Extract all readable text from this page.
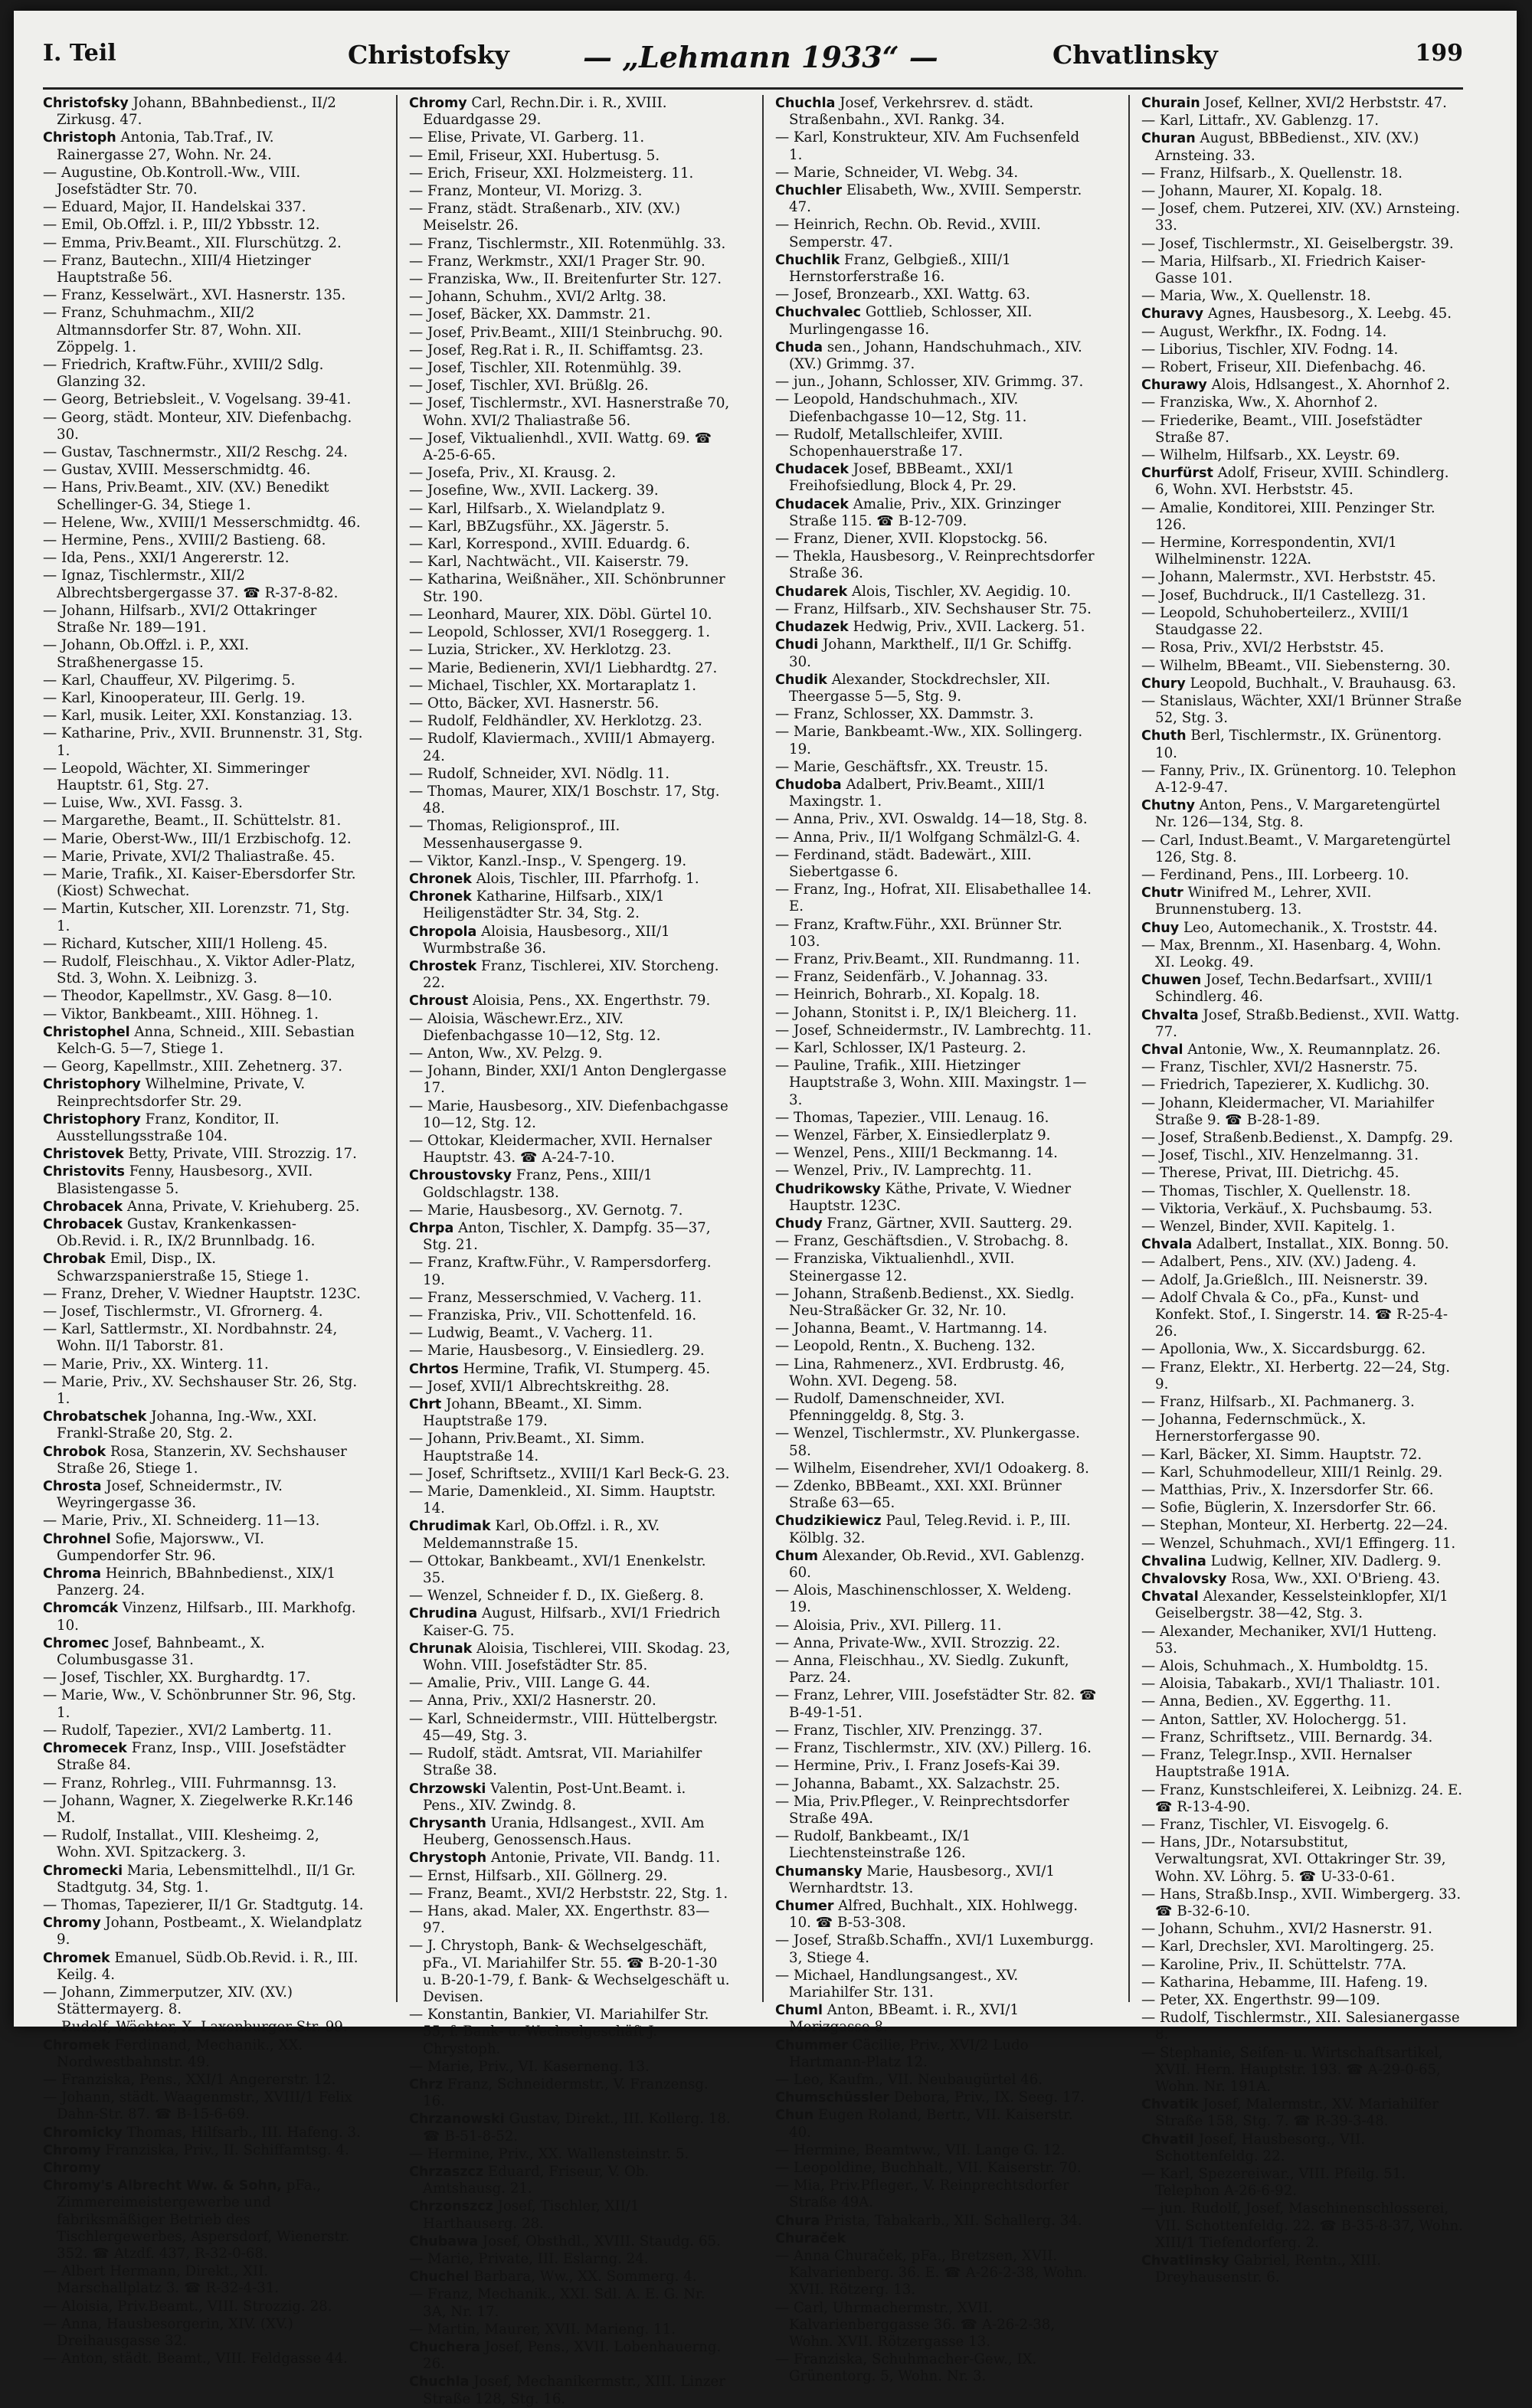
I. Teil	Christofsky	— „Lehmann 1933“ —	Chvatlinsky	199
Christofsky Johann, BBahnbedienst., II/2 Zirkusg. 47.
Christoph Antonia, Tab.Traf., IV. Rainergasse 27, Wohn. Nr. 24.
— Augustine, Ob.Kontroll.-Ww., VIII. Josefstädter Str. 70.
— Eduard, Major, II. Handelskai 337.
— Emil, Ob.Offzl. i. P., III/2 Ybbsstr. 12.
— Emma, Priv.Beamt., XII. Flurschützg. 2.
— Franz, Bautechn., XIII/4 Hietzinger Hauptstraße 56.
— Franz, Kesselwärt., XVI. Hasnerstr. 135.
— Franz, Schuhmachm., XII/2 Altmannsdorfer Str. 87, Wohn. XII. Zöppelg. 1.
— Friedrich, Kraftw.Führ., XVIII/2 Sdlg. Glanzing 32.
— Georg, Betriebsleit., V. Vogelsang. 39-41.
— Georg, städt. Monteur, XIV. Diefenbachg. 30.
— Gustav, Taschnermstr., XII/2 Reschg. 24.
— Gustav, XVIII. Messerschmidtg. 46.
— Hans, Priv.Beamt., XIV. (XV.) Benedikt Schellinger-G. 34, Stiege 1.
— Helene, Ww., XVIII/1 Messerschmidtg. 46.
— Hermine, Pens., XVIII/2 Bastieng. 68.
— Ida, Pens., XXI/1 Angererstr. 12.
— Ignaz, Tischlermstr., XII/2 Albrechtsbergergasse 37. ☎ R-37-8-82.
— Johann, Hilfsarb., XVI/2 Ottakringer Straße Nr. 189—191.
— Johann, Ob.Offzl. i. P., XXI. Straßhenergasse 15.
— Karl, Chauffeur, XV. Pilgerimg. 5.
— Karl, Kinooperateur, III. Gerlg. 19.
— Karl, musik. Leiter, XXI. Konstanziag. 13.
— Katharine, Priv., XVII. Brunnenstr. 31, Stg. 1.
— Leopold, Wächter, XI. Simmeringer Hauptstr. 61, Stg. 27.
— Luise, Ww., XVI. Fassg. 3.
— Margarethe, Beamt., II. Schüttelstr. 81.
— Marie, Oberst-Ww., III/1 Erzbischofg. 12.
— Marie, Private, XVI/2 Thaliastraße. 45.
— Marie, Trafik., XI. Kaiser-Ebersdorfer Str. (Kiost) Schwechat.
— Martin, Kutscher, XII. Lorenzstr. 71, Stg. 1.
— Richard, Kutscher, XIII/1 Holleng. 45.
— Rudolf, Fleischhau., X. Viktor Adler-Platz, Std. 3, Wohn. X. Leibnizg. 3.
— Theodor, Kapellmstr., XV. Gasg. 8—10.
— Viktor, Bankbeamt., XIII. Höhneg. 1.
Christophel Anna, Schneid., XIII. Sebastian Kelch-G. 5—7, Stiege 1.
— Georg, Kapellmstr., XIII. Zehetnerg. 37.
Christophory Wilhelmine, Private, V. Reinprechtsdorfer Str. 29.
Christophory Franz, Konditor, II. Ausstellungsstraße 104.
Christovek Betty, Private, VIII. Strozzig. 17.
Christovits Fenny, Hausbesorg., XVII. Blasistengasse 5.
Chrobacek Anna, Private, V. Kriehuberg. 25.
Chrobacek Gustav, Krankenkassen-Ob.Revid. i. R., IX/2 Brunnlbadg. 16.
Chrobak Emil, Disp., IX. Schwarzspanierstraße 15, Stiege 1.
— Franz, Dreher, V. Wiedner Hauptstr. 123C.
— Josef, Tischlermstr., VI. Gfrornerg. 4.
— Karl, Sattlermstr., XI. Nordbahnstr. 24, Wohn. II/1 Taborstr. 81.
— Marie, Priv., XX. Winterg. 11.
— Marie, Priv., XV. Sechshauser Str. 26, Stg. 1.
Chrobatschek Johanna, Ing.-Ww., XXI. Frankl-Straße 20, Stg. 2.
Chrobok Rosa, Stanzerin, XV. Sechshauser Straße 26, Stiege 1.
Chrosta Josef, Schneidermstr., IV. Weyringergasse 36.
— Marie, Priv., XI. Schneiderg. 11—13.
Chrohnel Sofie, Majorsww., VI. Gumpendorfer Str. 96.
Chroma Heinrich, BBahnbedienst., XIX/1 Panzerg. 24.
Chromcák Vinzenz, Hilfsarb., III. Markhofg. 10.
Chromec Josef, Bahnbeamt., X. Columbusgasse 31.
— Josef, Tischler, XX. Burghardtg. 17.
— Marie, Ww., V. Schönbrunner Str. 96, Stg. 1.
— Rudolf, Tapezier., XVI/2 Lambertg. 11.
Chromecek Franz, Insp., VIII. Josefstädter Straße 84.
— Franz, Rohrleg., VIII. Fuhrmannsg. 13.
— Johann, Wagner, X. Ziegelwerke R.Kr.146 M.
— Rudolf, Installat., VIII. Klesheimg. 2, Wohn. XVI. Spitzackerg. 3.
Chromecki Maria, Lebensmittelhdl., II/1 Gr. Stadtgutg. 34, Stg. 1.
— Thomas, Tapezierer, II/1 Gr. Stadtgutg. 14.
Chromy Johann, Postbeamt., X. Wielandplatz 9.
Chromek Emanuel, Südb.Ob.Revid. i. R., III. Keilg. 4.
— Johann, Zimmerputzer, XIV. (XV.) Stättermayerg. 8.
— Rudolf, Wächter, X. Laxenburger Str. 99.
Chromek Ferdinand, Mechanik., XX. Nordwestbahnstr. 49.
— Franziska, Pens., XXI/1 Angererstr. 12.
— Johann, städt. Waagenmstr., XVIII/1 Felix Dahn-Str. 87. ☎ B-15-6-69.
Chromicky Thomas, Hilfsarb., III. Hafeng. 3.
Chromy Franziska, Priv., II. Schiffamtsg. 4.
Chromy
Chromy's Albrecht Ww. & Sohn, pFa., Zimmereimeistergewerbe und fabriksmäßiger Betrieb des Tischlergewerbes, Aspersdorf, Wienerstr. 352. ☎ Atzdf. 437, R-32-0-68.
— Albert Hermann, Direkt., XII. Marschallplatz 3. ☎ R-32-4-31.
— Aloisia, Priv.Beamt., VIII. Strozzig. 28.
— Anna, Hausbesorgerin, XIV. (XV.) Dreihausgasse 32.
— Anton, städt. Beamt., VIII. Feldgasse 44.
Chromy Carl, Rechn.Dir. i. R., XVIII. Eduardgasse 29.
— Elise, Private, VI. Garberg. 11.
— Emil, Friseur, XXI. Hubertusg. 5.
— Erich, Friseur, XXI. Holzmeisterg. 11.
— Franz, Monteur, VI. Morizg. 3.
— Franz, städt. Straßenarb., XIV. (XV.) Meiselstr. 26.
— Franz, Tischlermstr., XII. Rotenmühlg. 33.
— Franz, Werkmstr., XXI/1 Prager Str. 90.
— Franziska, Ww., II. Breitenfurter Str. 127.
— Johann, Schuhm., XVI/2 Arltg. 38.
— Josef, Bäcker, XX. Dammstr. 21.
— Josef, Priv.Beamt., XIII/1 Steinbruchg. 90.
— Josef, Reg.Rat i. R., II. Schiffamtsg. 23.
— Josef, Tischler, XII. Rotenmühlg. 39.
— Josef, Tischler, XVI. Brüßlg. 26.
— Josef, Tischlermstr., XVI. Hasnerstraße 70, Wohn. XVI/2 Thaliastraße 56.
— Josef, Viktualienhdl., XVII. Wattg. 69. ☎ A-25-6-65.
— Josefa, Priv., XI. Krausg. 2.
— Josefine, Ww., XVII. Lackerg. 39.
— Karl, Hilfsarb., X. Wielandplatz 9.
— Karl, BBZugsführ., XX. Jägerstr. 5.
— Karl, Korrespond., XVIII. Eduardg. 6.
— Karl, Nachtwächt., VII. Kaiserstr. 79.
— Katharina, Weißnäher., XII. Schönbrunner Str. 190.
— Leonhard, Maurer, XIX. Döbl. Gürtel 10.
— Leopold, Schlosser, XVI/1 Roseggerg. 1.
— Luzia, Stricker., XV. Herklotzg. 23.
— Marie, Bedienerin, XVI/1 Liebhardtg. 27.
— Michael, Tischler, XX. Mortaraplatz 1.
— Otto, Bäcker, XVI. Hasnerstr. 56.
— Rudolf, Feldhändler, XV. Herklotzg. 23.
— Rudolf, Klaviermach., XVIII/1 Abmayerg. 24.
— Rudolf, Schneider, XVI. Nödlg. 11.
— Thomas, Maurer, XIX/1 Boschstr. 17, Stg. 48.
— Thomas, Religionsprof., III. Messenhausergasse 9.
— Viktor, Kanzl.-Insp., V. Spengerg. 19.
Chronek Alois, Tischler, III. Pfarrhofg. 1.
Chronek Katharine, Hilfsarb., XIX/1 Heiligenstädter Str. 34, Stg. 2.
Chropola Aloisia, Hausbesorg., XII/1 Wurmbstraße 36.
Chrostek Franz, Tischlerei, XIV. Storcheng. 22.
Chroust Aloisia, Pens., XX. Engerthstr. 79.
— Aloisia, Wäschewr.Erz., XIV. Diefenbachgasse 10—12, Stg. 12.
— Anton, Ww., XV. Pelzg. 9.
— Johann, Binder, XXI/1 Anton Denglergasse 17.
— Marie, Hausbesorg., XIV. Diefenbachgasse 10—12, Stg. 12.
— Ottokar, Kleidermacher, XVII. Hernalser Hauptstr. 43. ☎ A-24-7-10.
Chroustovsky Franz, Pens., XIII/1 Goldschlagstr. 138.
— Marie, Hausbesorg., XV. Gernotg. 7.
Chrpa Anton, Tischler, X. Dampfg. 35—37, Stg. 21.
— Franz, Kraftw.Führ., V. Rampersdorferg. 19.
— Franz, Messerschmied, V. Vacherg. 11.
— Franziska, Priv., VII. Schottenfeld. 16.
— Ludwig, Beamt., V. Vacherg. 11.
— Marie, Hausbesorg., V. Einsiedlerg. 29.
Chrtos Hermine, Trafik, VI. Stumperg. 45.
— Josef, XVII/1 Albrechtskreithg. 28.
Chrt Johann, BBeamt., XI. Simm. Hauptstraße 179.
— Johann, Priv.Beamt., XI. Simm. Hauptstraße 14.
— Josef, Schriftsetz., XVIII/1 Karl Beck-G. 23.
— Marie, Damenkleid., XI. Simm. Hauptstr. 14.
Chrudimak Karl, Ob.Offzl. i. R., XV. Meldemannstraße 15.
— Ottokar, Bankbeamt., XVI/1 Enenkelstr. 35.
— Wenzel, Schneider f. D., IX. Gießerg. 8.
Chrudina August, Hilfsarb., XVI/1 Friedrich Kaiser-G. 75.
Chrunak Aloisia, Tischlerei, VIII. Skodag. 23, Wohn. VIII. Josefstädter Str. 85.
— Amalie, Priv., VIII. Lange G. 44.
— Anna, Priv., XXI/2 Hasnerstr. 20.
— Karl, Schneidermstr., VIII. Hüttelbergstr. 45—49, Stg. 3.
— Rudolf, städt. Amtsrat, VII. Mariahilfer Straße 38.
Chrzowski Valentin, Post-Unt.Beamt. i. Pens., XIV. Zwindg. 8.
Chrysanth Urania, Hdlsangest., XVII. Am Heuberg, Genossensch.Haus.
Chrystoph Antonie, Private, VII. Bandg. 11.
— Ernst, Hilfsarb., XII. Göllnerg. 29.
— Franz, Beamt., XVI/2 Herbststr. 22, Stg. 1.
— Hans, akad. Maler, XX. Engerthstr. 83—97.
— J. Chrystoph, Bank- & Wechselgeschäft, pFa., VI. Mariahilfer Str. 55. ☎ B-20-1-30 u. B-20-1-79, f. Bank- & Wechselgeschäft u. Devisen.
— Konstantin, Bankier, VI. Mariahilfer Str. 55, f. Bank- u. Wechselgeschäft J. Chrystoph.
— Marie, Priv., VI. Kaserneng. 13.
Chrz Franz, Schneidermstr., V. Franzensg. 16.
Chrzanowski Gustav, Direkt., III. Kollerg. 18. ☎ B-51-8-52.
— Hermine, Priv., XX. Wallensteinstr. 5.
Chrzaszcz Eduard, Friseur, V. Ob. Amtshausg. 21.
Chrzonszcz Josef, Tischler, XII/1 Harthauserg. 28.
Chubawa Josef, Obsthdl., XVIII. Staudg. 65.
— Marie, Private, III. Eslarng. 24.
Chuchel Barbara, Ww., XX. Sommerg. 4.
— Franz, Mechanik., XXI. Sdl. A. E. G. Nr. 3A, Nr. 17.
— Martin, Maurer, XVII. Marieng. 11.
Chuchera Josef, Pens., XVII. Lobenhauerng. 26.
Chuchla Josef, Mechanikermstr., XIII. Linzer Straße 128, Stg. 16.
Chuchla Josef, Verkehrsrev. d. städt. Straßenbahn., XVI. Rankg. 34.
— Karl, Konstrukteur, XIV. Am Fuchsenfeld 1.
— Marie, Schneider, VI. Webg. 34.
Chuchler Elisabeth, Ww., XVIII. Semperstr. 47.
— Heinrich, Rechn. Ob. Revid., XVIII. Semperstr. 47.
Chuchlik Franz, Gelbgieß., XIII/1 Hernstorferstraße 16.
— Josef, Bronzearb., XXI. Wattg. 63.
Chuchvalec Gottlieb, Schlosser, XII. Murlingengasse 16.
Chuda sen., Johann, Handschuhmach., XIV. (XV.) Grimmg. 37.
— jun., Johann, Schlosser, XIV. Grimmg. 37.
— Leopold, Handschuhmach., XIV. Diefenbachgasse 10—12, Stg. 11.
— Rudolf, Metallschleifer, XVIII. Schopenhauerstraße 17.
Chudacek Josef, BBBeamt., XXI/1 Freihofsiedlung, Block 4, Pr. 29.
Chudacek Amalie, Priv., XIX. Grinzinger Straße 115. ☎ B-12-709.
— Franz, Diener, XVII. Klopstockg. 56.
— Thekla, Hausbesorg., V. Reinprechtsdorfer Straße 36.
Chudarek Alois, Tischler, XV. Aegidig. 10.
— Franz, Hilfsarb., XIV. Sechshauser Str. 75.
Chudazek Hedwig, Priv., XVII. Lackerg. 51.
Chudi Johann, Markthelf., II/1 Gr. Schiffg. 30.
Chudik Alexander, Stockdrechsler, XII. Theergasse 5—5, Stg. 9.
— Franz, Schlosser, XX. Dammstr. 3.
— Marie, Bankbeamt.-Ww., XIX. Sollingerg. 19.
— Marie, Geschäftsfr., XX. Treustr. 15.
Chudoba Adalbert, Priv.Beamt., XIII/1 Maxingstr. 1.
— Anna, Priv., XVI. Oswaldg. 14—18, Stg. 8.
— Anna, Priv., II/1 Wolfgang Schmälzl-G. 4.
— Ferdinand, städt. Badewärt., XIII. Siebertgasse 6.
— Franz, Ing., Hofrat, XII. Elisabethallee 14. E.
— Franz, Kraftw.Führ., XXI. Brünner Str. 103.
— Franz, Priv.Beamt., XII. Rundmanng. 11.
— Franz, Seidenfärb., V. Johannag. 33.
— Heinrich, Bohrarb., XI. Kopalg. 18.
— Johann, Stonitst i. P., IX/1 Bleicherg. 11.
— Josef, Schneidermstr., IV. Lambrechtg. 11.
— Karl, Schlosser, IX/1 Pasteurg. 2.
— Pauline, Trafik., XIII. Hietzinger Hauptstraße 3, Wohn. XIII. Maxingstr. 1—3.
— Thomas, Tapezier., VIII. Lenaug. 16.
— Wenzel, Färber, X. Einsiedlerplatz 9.
— Wenzel, Pens., XIII/1 Beckmanng. 14.
— Wenzel, Priv., IV. Lamprechtg. 11.
Chudrikowsky Käthe, Private, V. Wiedner Hauptstr. 123C.
Chudy Franz, Gärtner, XVII. Sautterg. 29.
— Franz, Geschäftsdien., V. Strobachg. 8.
— Franziska, Viktualienhdl., XVII. Steinergasse 12.
— Johann, Straßenb.Bedienst., XX. Siedlg. Neu-Straßäcker Gr. 32, Nr. 10.
— Johanna, Beamt., V. Hartmanng. 14.
— Leopold, Rentn., X. Bucheng. 132.
— Lina, Rahmenerz., XVI. Erdbrustg. 46, Wohn. XVI. Degeng. 58.
— Rudolf, Damenschneider, XVI. Pfenninggeldg. 8, Stg. 3.
— Wenzel, Tischlermstr., XV. Plunkergasse. 58.
— Wilhelm, Eisendreher, XVI/1 Odoakerg. 8.
— Zdenko, BBBeamt., XXI. XXI. Brünner Straße 63—65.
Chudzikiewicz Paul, Teleg.Revid. i. P., III. Kölblg. 32.
Chum Alexander, Ob.Revid., XVI. Gablenzg. 60.
— Alois, Maschinenschlosser, X. Weldeng. 19.
— Aloisia, Priv., XVI. Pillerg. 11.
— Anna, Private-Ww., XVII. Strozzig. 22.
— Anna, Fleischhau., XV. Siedlg. Zukunft, Parz. 24.
— Franz, Lehrer, VIII. Josefstädter Str. 82. ☎ B-49-1-51.
— Franz, Tischler, XIV. Prenzingg. 37.
— Franz, Tischlermstr., XIV. (XV.) Pillerg. 16.
— Hermine, Priv., I. Franz Josefs-Kai 39.
— Johanna, Babamt., XX. Salzachstr. 25.
— Mia, Priv.Pfleger., V. Reinprechtsdorfer Straße 49A.
— Rudolf, Bankbeamt., IX/1 Liechtensteinstraße 126.
Chumansky Marie, Hausbesorg., XVI/1 Wernhardtstr. 13.
Chumer Alfred, Buchhalt., XIX. Hohlwegg. 10. ☎ B-53-308.
— Josef, Straßb.Schaffn., XVI/1 Luxemburgg. 3, Stiege 4.
— Michael, Handlungsangest., XV. Mariahilfer Str. 131.
Chuml Anton, BBeamt. i. R., XVI/1 Morizgasse 8.
Chummer Cäcilie, Priv., XVI/2 Ludo Hartmann-Platz 12.
— Leo, Kaufm., VII. Neubaugürtel 46.
Chumschüssler Debora, Priv., IX. Seeg. 17.
Chun Eugen Roland, Bertr., VII. Kaiserstr. 40.
— Hermine, Beamtww., VII. Lange G. 12.
— Leopoldine, Buchhalt., VII. Kaiserstr. 70.
— Mia, Priv.Pfleger., V. Reinprechtsdorfer Straße 49A.
Chura Prista, Tabakarb., XII. Schallerg. 34.
Churaček
— Anna Churaček, pFa., Bretzsen, XVII. Kalvarienberg. 36. E. ☎ A-26-2-38, Wohn. XVII. Rötzerg. 13.
— Carl, Uhrmachermstr., XVII. Kalvarienberggasse 36. ☎ A-26-2-38, Wohn. XVII. Rötzergasse 13.
— Franziska, Schuhmacher-Gew., IX. Grünentorg. 5, Wohn. Nr. 3.
Churain Josef, Kellner, XVI/2 Herbststr. 47.
— Karl, Littafr., XV. Gablenzg. 17.
Churan August, BBBedienst., XIV. (XV.) Arnsteing. 33.
— Franz, Hilfsarb., X. Quellenstr. 18.
— Johann, Maurer, XI. Kopalg. 18.
— Josef, chem. Putzerei, XIV. (XV.) Arnsteing. 33.
— Josef, Tischlermstr., XI. Geiselbergstr. 39.
— Maria, Hilfsarb., XI. Friedrich Kaiser-Gasse 101.
— Maria, Ww., X. Quellenstr. 18.
Churavy Agnes, Hausbesorg., X. Leebg. 45.
— August, Werkfhr., IX. Fodng. 14.
— Liborius, Tischler, XIV. Fodng. 14.
— Robert, Friseur, XII. Diefenbachg. 46.
Churawy Alois, Hdlsangest., X. Ahornhof 2.
— Franziska, Ww., X. Ahornhof 2.
— Friederike, Beamt., VIII. Josefstädter Straße 87.
— Wilhelm, Hilfsarb., XX. Leystr. 69.
Churfürst Adolf, Friseur, XVIII. Schindlerg. 6, Wohn. XVI. Herbststr. 45.
— Amalie, Konditorei, XIII. Penzinger Str. 126.
— Hermine, Korrespondentin, XVI/1 Wilhelminenstr. 122A.
— Johann, Malermstr., XVI. Herbststr. 45.
— Josef, Buchdruck., II/1 Castellezg. 31.
— Leopold, Schuhoberteilerz., XVIII/1 Staudgasse 22.
— Rosa, Priv., XVI/2 Herbststr. 45.
— Wilhelm, BBeamt., VII. Siebensterng. 30.
Chury Leopold, Buchhalt., V. Brauhausg. 63.
— Stanislaus, Wächter, XXI/1 Brünner Straße 52, Stg. 3.
Chuth Berl, Tischlermstr., IX. Grünentorg. 10.
— Fanny, Priv., IX. Grünentorg. 10. Telephon A-12-9-47.
Chutny Anton, Pens., V. Margaretengürtel Nr. 126—134, Stg. 8.
— Carl, Indust.Beamt., V. Margaretengürtel 126, Stg. 8.
— Ferdinand, Pens., III. Lorbeerg. 10.
Chutr Winifred M., Lehrer, XVII. Brunnenstuberg. 13.
Chuy Leo, Automechanik., X. Troststr. 44.
— Max, Brennm., XI. Hasenbarg. 4, Wohn. XI. Leokg. 49.
Chuwen Josef, Techn.Bedarfsart., XVIII/1 Schindlerg. 46.
Chvalta Josef, Straßb.Bedienst., XVII. Wattg. 77.
Chval Antonie, Ww., X. Reumannplatz. 26.
— Franz, Tischler, XVI/2 Hasnerstr. 75.
— Friedrich, Tapezierer, X. Kudlichg. 30.
— Johann, Kleidermacher, VI. Mariahilfer Straße 9. ☎ B-28-1-89.
— Josef, Straßenb.Bedienst., X. Dampfg. 29.
— Josef, Tischl., XIV. Henzelmanng. 31.
— Therese, Privat, III. Dietrichg. 45.
— Thomas, Tischler, X. Quellenstr. 18.
— Viktoria, Verkäuf., X. Puchsbaumg. 53.
— Wenzel, Binder, XVII. Kapitelg. 1.
Chvala Adalbert, Installat., XIX. Bonng. 50.
— Adalbert, Pens., XIV. (XV.) Jadeng. 4.
— Adolf, Ja.Grießlch., III. Neisnerstr. 39.
— Adolf Chvala & Co., pFa., Kunst- und Konfekt. Stof., I. Singerstr. 14. ☎ R-25-4-26.
— Apollonia, Ww., X. Siccardsburgg. 62.
— Franz, Elektr., XI. Herbertg. 22—24, Stg. 9.
— Franz, Hilfsarb., XI. Pachmanerg. 3.
— Johanna, Federnschmück., X. Hernerstorfergasse 90.
— Karl, Bäcker, XI. Simm. Hauptstr. 72.
— Karl, Schuhmodelleur, XIII/1 Reinlg. 29.
— Matthias, Priv., X. Inzersdorfer Str. 66.
— Sofie, Büglerin, X. Inzersdorfer Str. 66.
— Stephan, Monteur, XI. Herbertg. 22—24.
— Wenzel, Schuhmach., XVI/1 Effingerg. 11.
Chvalina Ludwig, Kellner, XIV. Dadlerg. 9.
Chvalovsky Rosa, Ww., XXI. O'Brieng. 43.
Chvatal Alexander, Kesselsteinklopfer, XI/1 Geiselbergstr. 38—42, Stg. 3.
— Alexander, Mechaniker, XVI/1 Hutteng. 53.
— Alois, Schuhmach., X. Humboldtg. 15.
— Aloisia, Tabakarb., XVI/1 Thaliastr. 101.
— Anna, Bedien., XV. Eggerthg. 11.
— Anton, Sattler, XV. Holochergg. 51.
— Franz, Schriftsetz., VIII. Bernardg. 34.
— Franz, Telegr.Insp., XVII. Hernalser Hauptstraße 191A.
— Franz, Kunstschleiferei, X. Leibnizg. 24. E. ☎ R-13-4-90.
— Franz, Tischler, VI. Eisvogelg. 6.
— Hans, JDr., Notarsubstitut, Verwaltungsrat, XVI. Ottakringer Str. 39, Wohn. XV. Löhrg. 5. ☎ U-33-0-61.
— Hans, Straßb.Insp., XVII. Wimbergerg. 33. ☎ B-32-6-10.
— Johann, Schuhm., XVI/2 Hasnerstr. 91.
— Karl, Drechsler, XVI. Maroltingerg. 25.
— Karoline, Priv., II. Schüttelstr. 77A.
— Katharina, Hebamme, III. Hafeng. 19.
— Peter, XX. Engerthstr. 99—109.
— Rudolf, Tischlermstr., XII. Salesianergasse 8.
— Stephanie, Seifen- u. Wirtschaftsartikel, XVII. Hern. Hauptstr. 193. ☎ A-29-0-65, Wohn. Nr. 191A.
Chvatik Josef, Malermstr., XV. Mariahilfer Straße 158, Stg. 7. ☎ R-39-3-48.
Chvatil Josef, Hausbesorg., VII. Schottenfeldg. 22.
— Karl, Spezereiwar., VIII. Pfeilg. 51. Telephon A-26-6-92.
— jun. Rudolf, Josef, Maschinenschlosserei, VII. Schottenfeldg. 22. ☎ B-35-8-37, Wohn. XIII/1 Tiefendorferg. 2.
Chvatlinsky Gabriel, Rentn., XIII. Dreyhausenstr. 6.
